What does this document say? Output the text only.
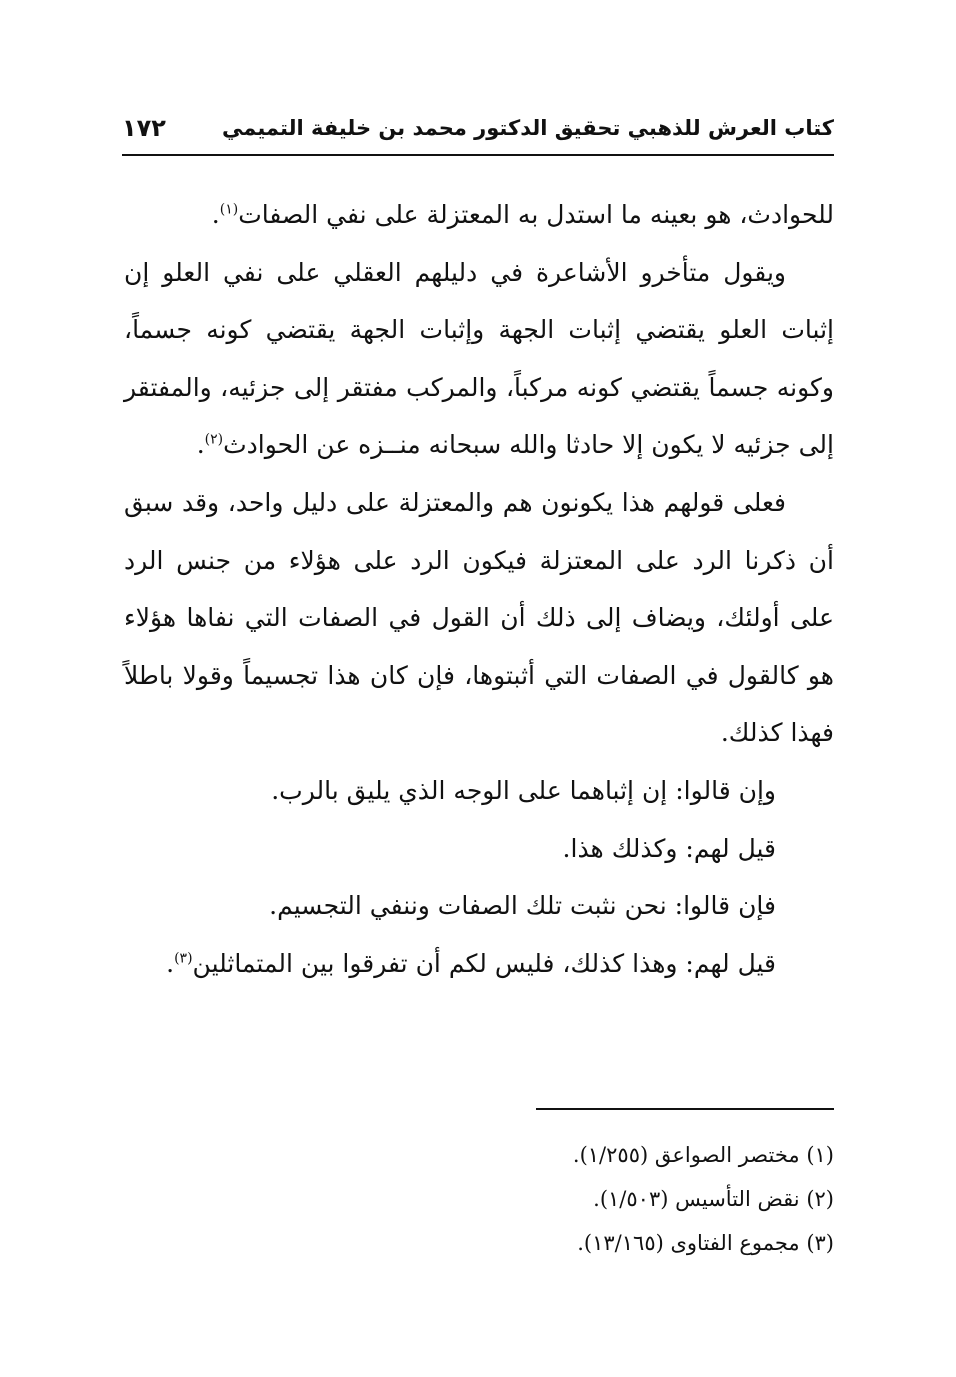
كتاب العرش للذهبي تحقيق الدكتور محمد بن خليفة التميمي
١٧٢

للحوادث، هو بعينه ما استدل به المعتزلة على نفي الصفات$^{(١)}$.

ويقول متأخرو الأشاعرة في دليلهم العقلي على نفي العلو إن إثبات العلو يقتضي إثبات الجهة وإثبات الجهة يقتضي كونه جسماً، وكونه جسماً يقتضي كونه مركباً، والمركب مفتقر إلى جزئيه، والمفتقر إلى جزئيه لا يكون إلا حادثا والله سبحانه منــزه عن الحوادث$^{(٢)}$.

فعلى قولهم هذا يكونون هم والمعتزلة على دليل واحد، وقد سبق أن ذكرنا الرد على المعتزلة فيكون الرد على هؤلاء من جنس الرد على أولئك، ويضاف إلى ذلك أن القول في الصفات التي نفاها هؤلاء هو كالقول في الصفات التي أثبتوها، فإن كان هذا تجسيماً وقولا باطلاً فهذا كذلك.

وإن قالوا: إن إثباهما على الوجه الذي يليق بالرب.

قيل لهم: وكذلك هذا.

فإن قالوا: نحن نثبت تلك الصفات وننفي التجسيم.

قيل لهم: وهذا كذلك، فليس لكم أن تفرقوا بين المتماثلين$^{(٣)}$.

(١) مختصر الصواعق (١/٢٥٥).

(٢) نقض التأسيس (١/٥٠٣).

(٣) مجموع الفتاوى (١٣/١٦٥).
